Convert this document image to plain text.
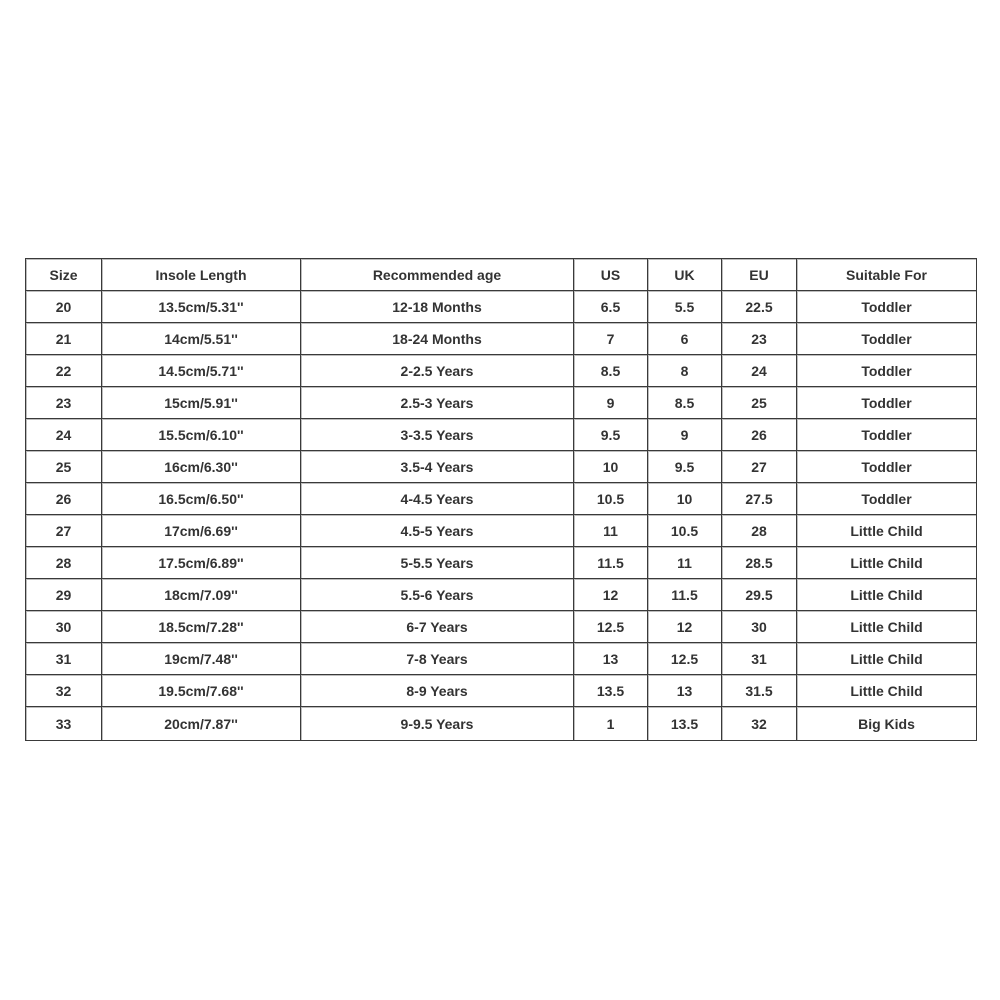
Size	Insole Length	Recommended age	US	UK	EU	Suitable For
20	13.5cm/5.31''	12-18 Months	6.5	5.5	22.5	Toddler
21	14cm/5.51''	18-24 Months	7	6	23	Toddler
22	14.5cm/5.71''	2-2.5 Years	8.5	8	24	Toddler
23	15cm/5.91''	2.5-3 Years	9	8.5	25	Toddler
24	15.5cm/6.10''	3-3.5 Years	9.5	9	26	Toddler
25	16cm/6.30''	3.5-4 Years	10	9.5	27	Toddler
26	16.5cm/6.50''	4-4.5 Years	10.5	10	27.5	Toddler
27	17cm/6.69''	4.5-5 Years	11	10.5	28	Little Child
28	17.5cm/6.89''	5-5.5 Years	11.5	11	28.5	Little Child
29	18cm/7.09''	5.5-6 Years	12	11.5	29.5	Little Child
30	18.5cm/7.28''	6-7 Years	12.5	12	30	Little Child
31	19cm/7.48''	7-8 Years	13	12.5	31	Little Child
32	19.5cm/7.68''	8-9 Years	13.5	13	31.5	Little Child
33	20cm/7.87''	9-9.5 Years	1	13.5	32	Big Kids
